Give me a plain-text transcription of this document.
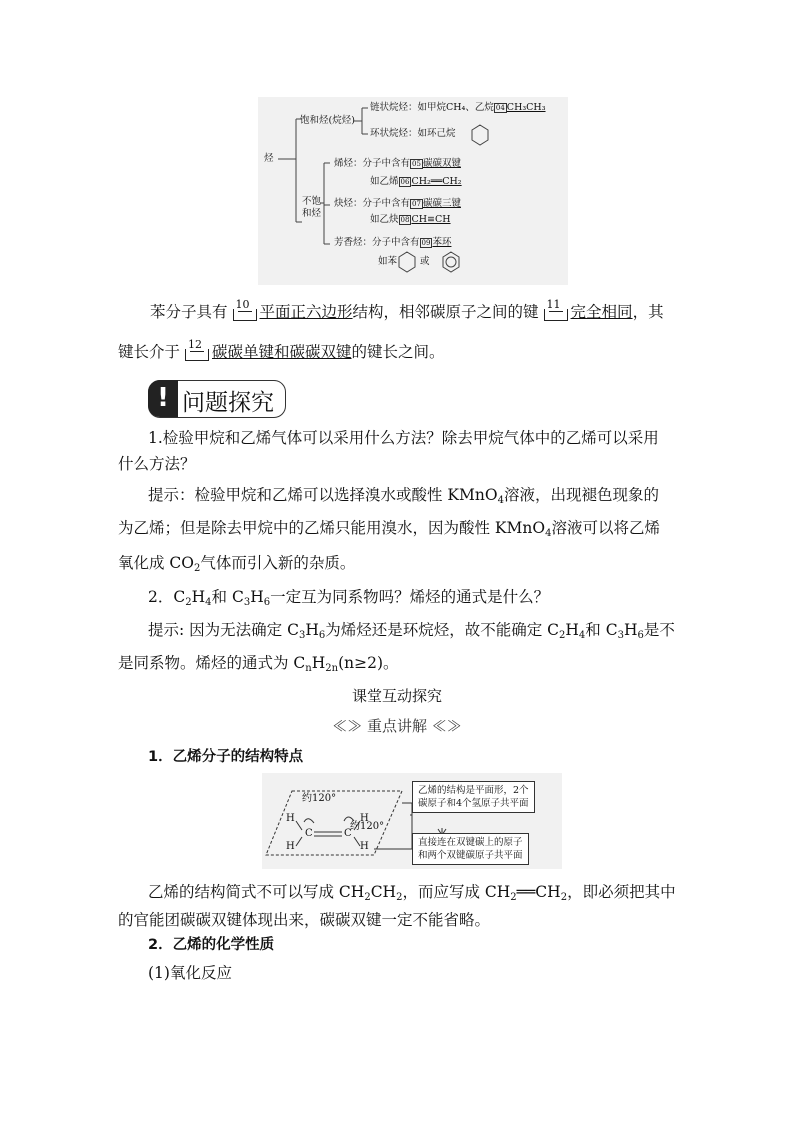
烃
饱和烃(烷烃)
链状烷烃：如甲烷CH₄、乙烷 04 CH₃CH₃
环状烷烃：如环己烷
不饱
和烃
烯烃：分子中含有 05 碳碳双键
如乙烯 06 CH₂══CH₂
炔烃：分子中含有 07 碳碳三键
如乙炔 08 CH≡CH
芳香烃：分子中含有 09 苯环
如苯 或
苯分子具有 10 平面正六边形结构，相邻碳原子之间的键 11 完全相同，其
键长介于 12 碳碳单键和碳碳双键的键长之间。
! 问题探究
1.检验甲烷和乙烯气体可以采用什么方法？除去甲烷气体中的乙烯可以采用
什么方法？
提示：检验甲烷和乙烯可以选择溴水或酸性 KMnO$_4$溶液，出现褪色现象的
为乙烯；但是除去甲烷中的乙烯只能用溴水，因为酸性 KMnO$_4$溶液可以将乙烯
氧化成 $CO_2$气体而引入新的杂质。
2．$C_2H_4$和 $C_3H_6$一定互为同系物吗？烯烃的通式是什么？
提示: 因为无法确定 $C_3H_6$为烯烃还是环烷烃，故不能确定 $C_2H_4$和 $C_3H_6$是不
是同系物。烯烃的通式为 $C_nH_{2n}(n\ge 2)$。
课堂互动探究
≪≫ 重点讲解 ≪≫
1．乙烯分子的结构特点
约120°
约120°
H
H
C	C
H
H
乙烯的结构是平面形，2个
碳原子和4个氢原子共平面
直接连在双键碳上的原子
和两个双键碳原子共平面
乙烯的结构简式不可以写成 $CH_2CH_2$，而应写成 $CH_2══CH_2$，即必须把其中
的官能团碳碳双键体现出来，碳碳双键一定不能省略。
2．乙烯的化学性质
(1)氧化反应
